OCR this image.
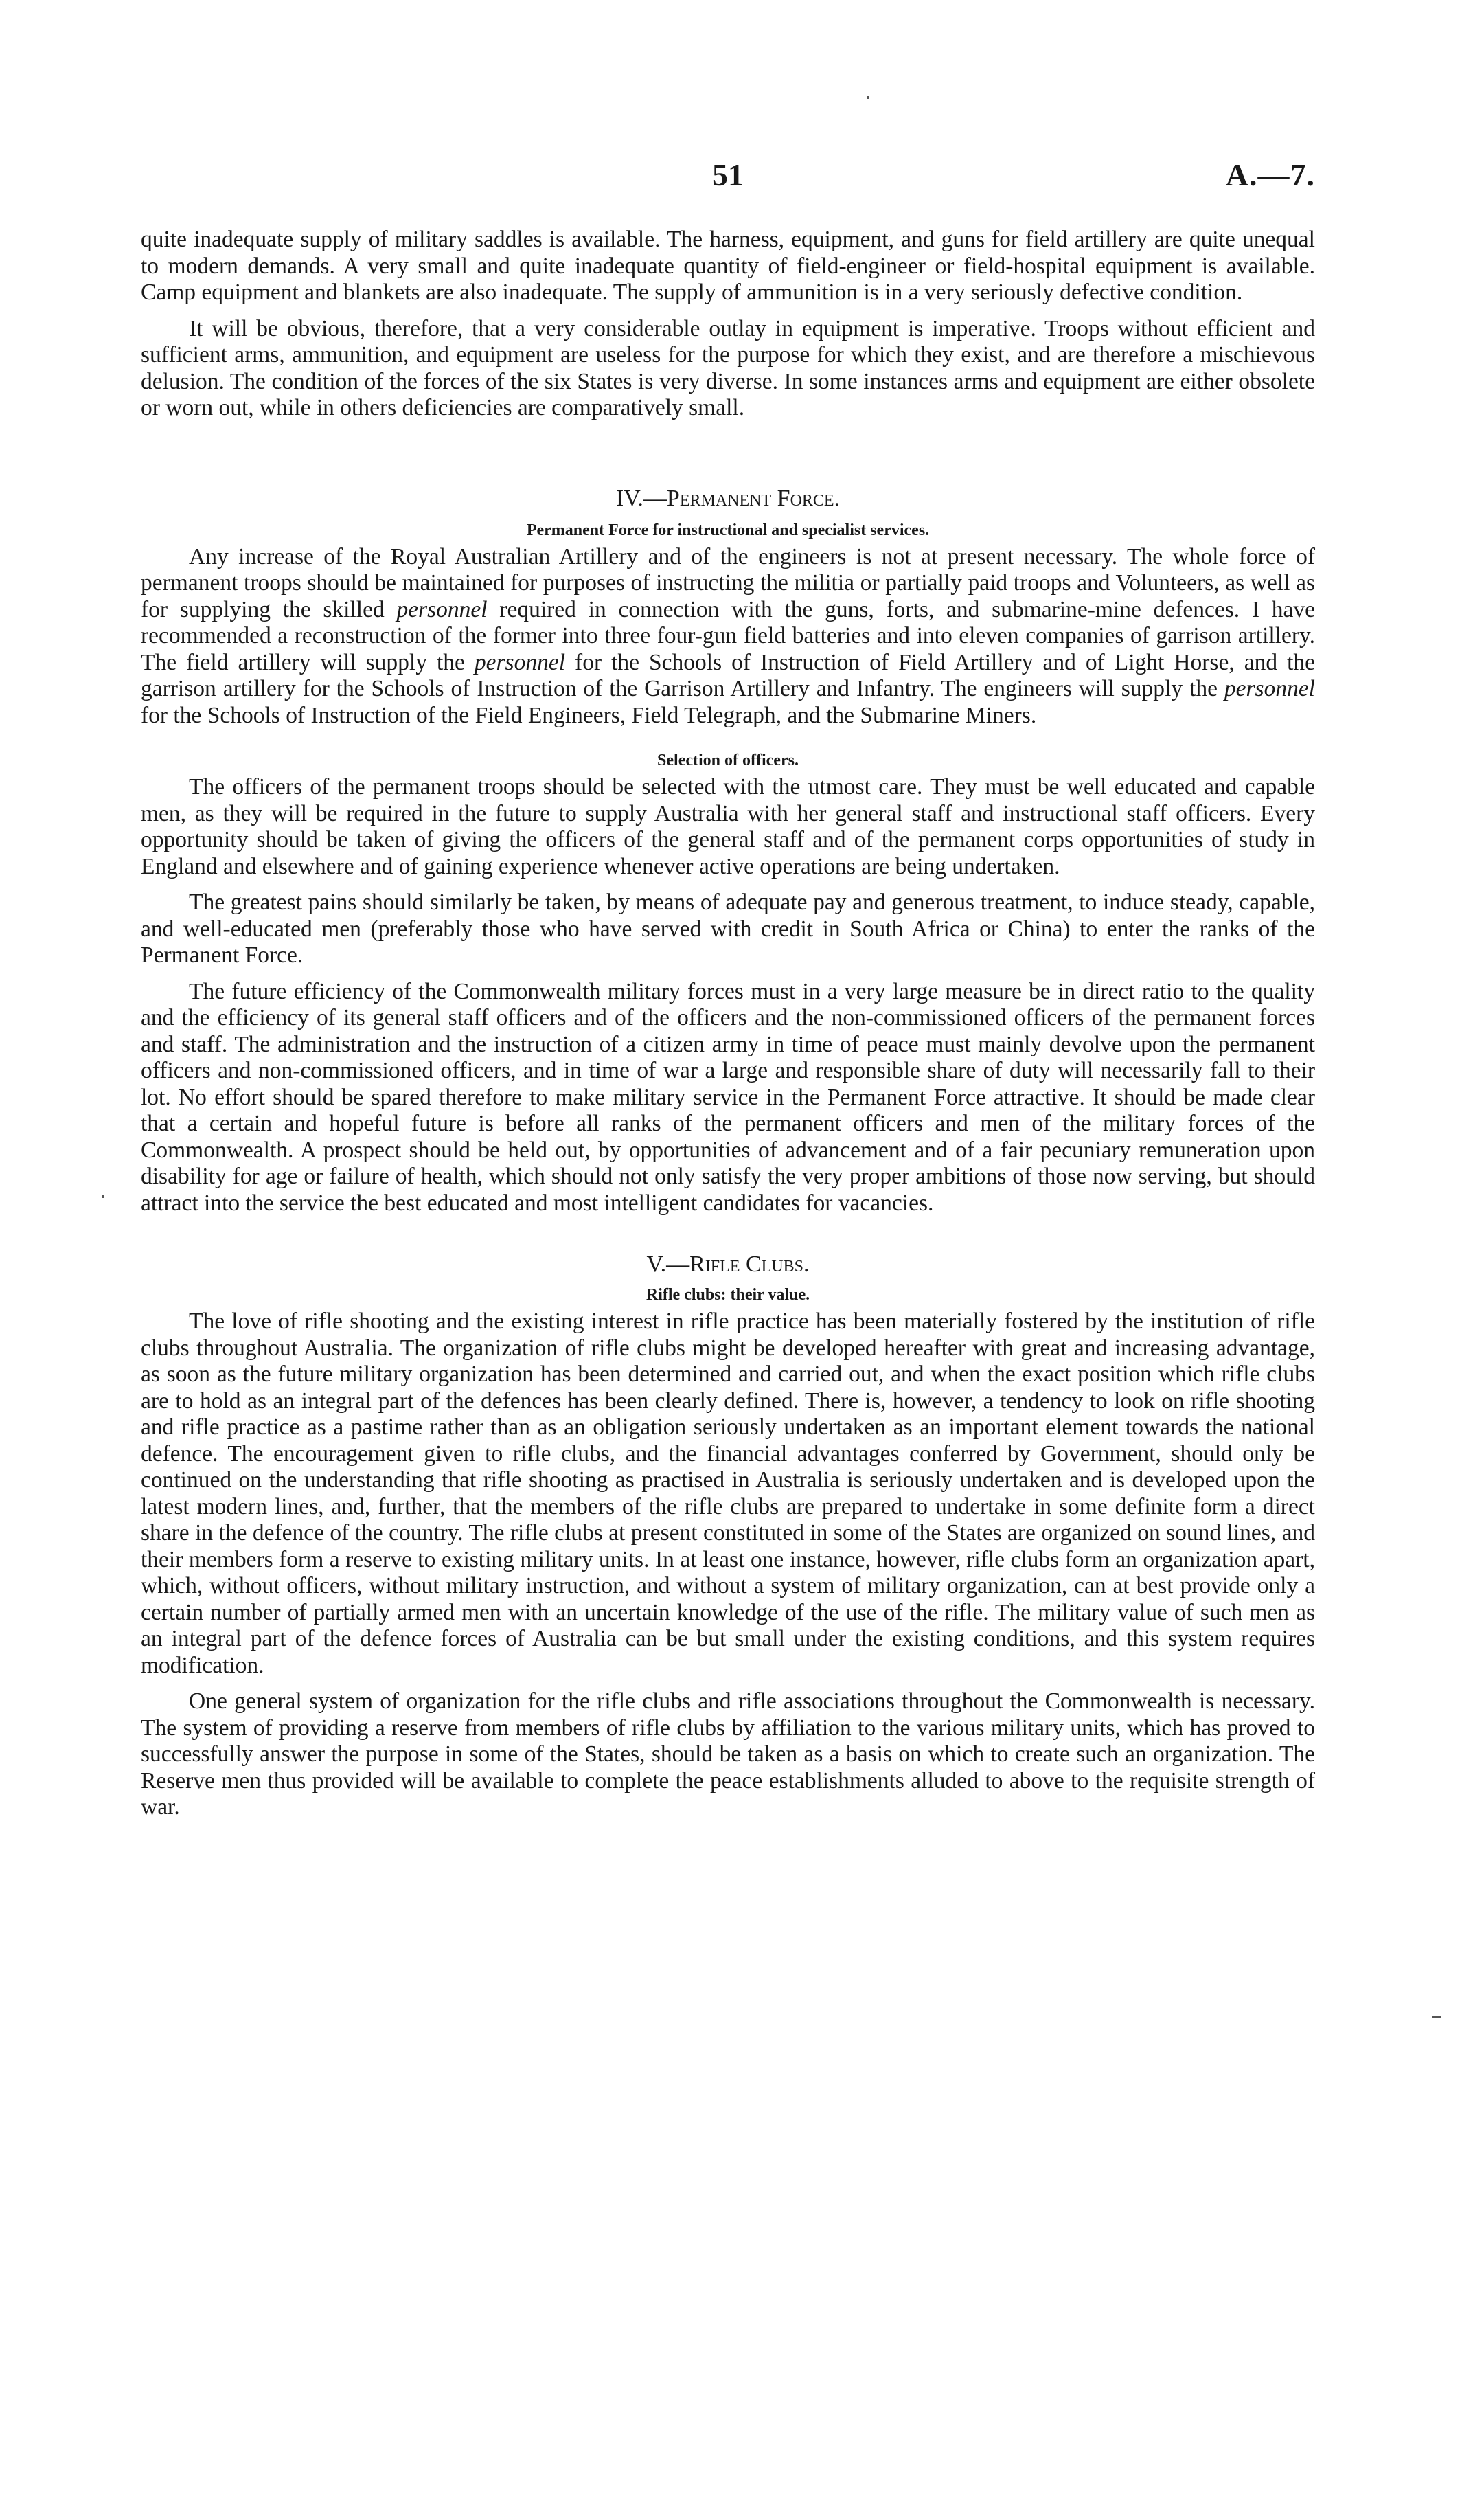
51	A.—7.

quite inadequate supply of military saddles is available. The harness, equipment, and guns for field artillery are quite unequal to modern demands. A very small and quite inadequate quantity of field-engineer or field-hospital equipment is available. Camp equipment and blankets are also inadequate. The supply of ammunition is in a very seriously defective condition.

It will be obvious, therefore, that a very considerable outlay in equipment is imperative. Troops without efficient and sufficient arms, ammunition, and equipment are useless for the purpose for which they exist, and are therefore a mischievous delusion. The condition of the forces of the six States is very diverse. In some instances arms and equipment are either obsolete or worn out, while in others deficiencies are comparatively small.

IV.—Permanent Force.
Permanent Force for instructional and specialist services.

Any increase of the Royal Australian Artillery and of the engineers is not at present necessary. The whole force of permanent troops should be maintained for purposes of instructing the militia or partially paid troops and Volunteers, as well as for supplying the skilled personnel required in connection with the guns, forts, and submarine-mine defences. I have recommended a reconstruction of the former into three four-gun field batteries and into eleven companies of garrison artillery. The field artillery will supply the personnel for the Schools of Instruction of Field Artillery and of Light Horse, and the garrison artillery for the Schools of Instruction of the Garrison Artillery and Infantry. The engineers will supply the personnel for the Schools of Instruction of the Field Engineers, Field Telegraph, and the Submarine Miners.

Selection of officers.

The officers of the permanent troops should be selected with the utmost care. They must be well educated and capable men, as they will be required in the future to supply Australia with her general staff and instructional staff officers. Every opportunity should be taken of giving the officers of the general staff and of the permanent corps opportunities of study in England and elsewhere and of gaining experience whenever active operations are being undertaken.

The greatest pains should similarly be taken, by means of adequate pay and generous treatment, to induce steady, capable, and well-educated men (preferably those who have served with credit in South Africa or China) to enter the ranks of the Permanent Force.

The future efficiency of the Commonwealth military forces must in a very large measure be in direct ratio to the quality and the efficiency of its general staff officers and of the officers and the non-commissioned officers of the permanent forces and staff. The administration and the instruction of a citizen army in time of peace must mainly devolve upon the permanent officers and non-commissioned officers, and in time of war a large and responsible share of duty will necessarily fall to their lot. No effort should be spared therefore to make military service in the Permanent Force attractive. It should be made clear that a certain and hopeful future is before all ranks of the permanent officers and men of the military forces of the Commonwealth. A prospect should be held out, by opportunities of advancement and of a fair pecuniary remuneration upon disability for age or failure of health, which should not only satisfy the very proper ambitions of those now serving, but should attract into the service the best educated and most intelligent candidates for vacancies.

V.—Rifle Clubs.
Rifle clubs: their value.

The love of rifle shooting and the existing interest in rifle practice has been materially fostered by the institution of rifle clubs throughout Australia. The organization of rifle clubs might be developed hereafter with great and increasing advantage, as soon as the future military organization has been determined and carried out, and when the exact position which rifle clubs are to hold as an integral part of the defences has been clearly defined. There is, however, a tendency to look on rifle shooting and rifle practice as a pastime rather than as an obligation seriously undertaken as an important element towards the national defence. The encouragement given to rifle clubs, and the financial advantages conferred by Government, should only be continued on the understanding that rifle shooting as practised in Australia is seriously undertaken and is developed upon the latest modern lines, and, further, that the members of the rifle clubs are prepared to undertake in some definite form a direct share in the defence of the country. The rifle clubs at present constituted in some of the States are organized on sound lines, and their members form a reserve to existing military units. In at least one instance, however, rifle clubs form an organization apart, which, without officers, without military instruction, and without a system of military organization, can at best provide only a certain number of partially armed men with an uncertain knowledge of the use of the rifle. The military value of such men as an integral part of the defence forces of Australia can be but small under the existing conditions, and this system requires modification.

One general system of organization for the rifle clubs and rifle associations throughout the Commonwealth is necessary. The system of providing a reserve from members of rifle clubs by affiliation to the various military units, which has proved to successfully answer the purpose in some of the States, should be taken as a basis on which to create such an organization. The Reserve men thus provided will be available to complete the peace establishments alluded to above to the requisite strength of war.
